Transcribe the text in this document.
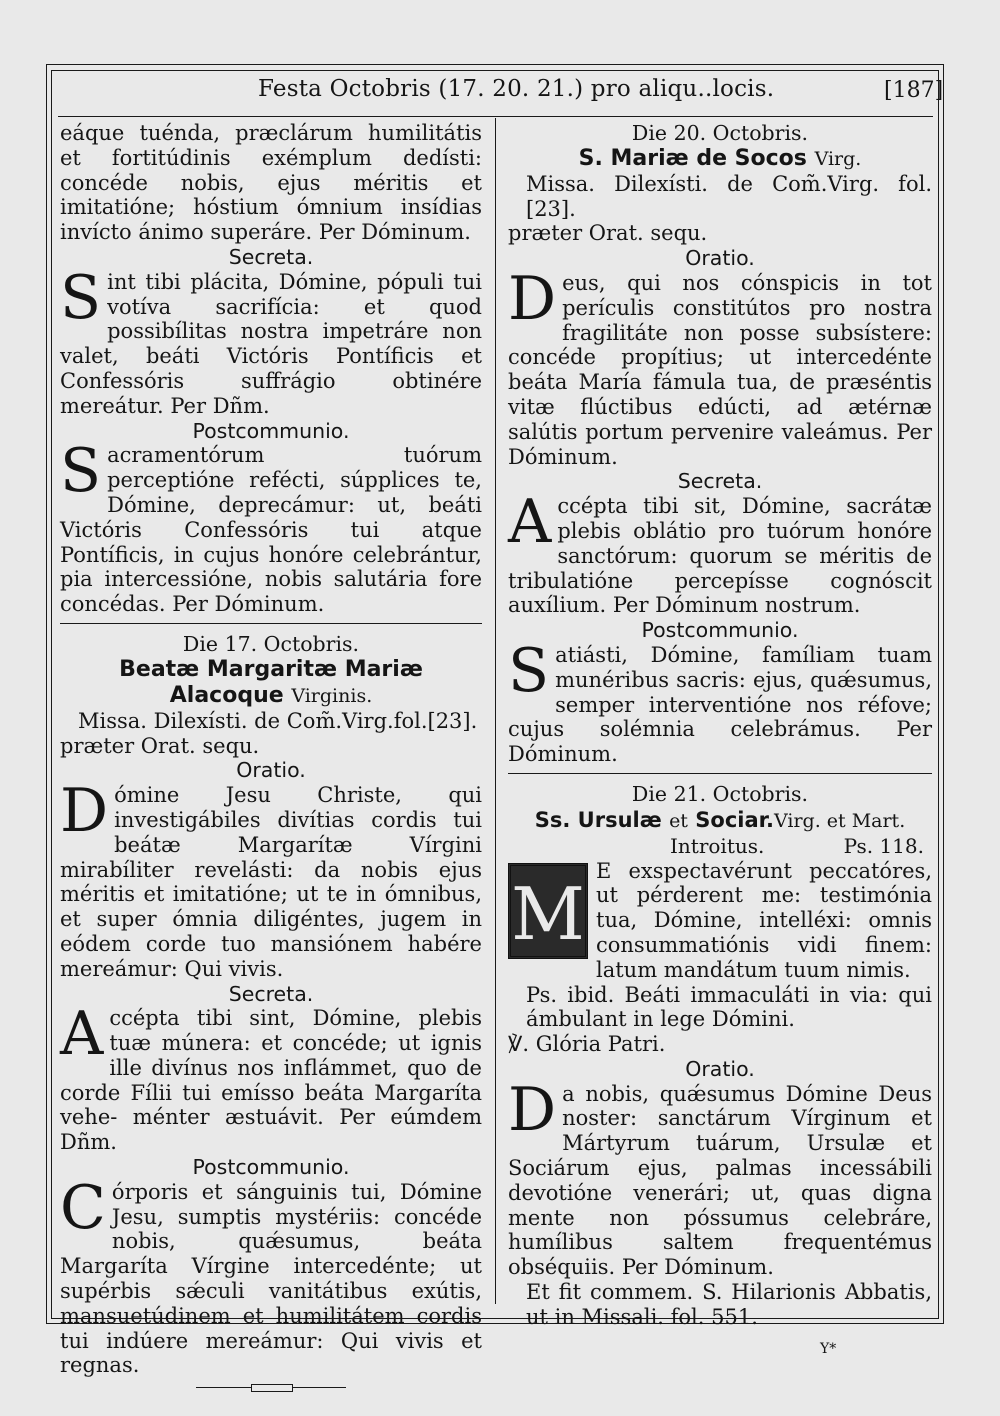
Festa Octobris (17. 20. 21.) pro aliqu..locis.	[187]

eáque tuénda, præclárum humilitátis et fortitúdinis exémplum dedísti: concéde nobis, ejus méritis et imitatióne; hóstium ómnium insídias invícto ánimo superáre. Per Dóminum.

Secreta.

Sint tibi plácita, Dómine, pópuli tui votíva sacrifícia: et quod possibílitas nostra impetráre non valet, beáti Victóris Pontíficis et Confessóris suffrágio obtinére mereátur. Per Dñm.

Postcommunio.

Sacramentórum tuórum perceptióne refécti, súpplices te, Dómine, deprecámur: ut, beáti Victóris Confessóris tui atque Pontíficis, in cujus honóre celebrántur, pia intercessióne, nobis salutária fore concédas. Per Dóminum.

Die 17. Octobris.

Beatæ Margaritæ Mariæ

Alacoque Virginis.

Missa. Dilexísti. de Com̃.Virg.fol.[23].

præter Orat. sequ.

Oratio.

Dómine Jesu Christe, qui investigábiles divítias cordis tui beátæ Margarítæ Vírgini mirabíliter revelásti: da nobis ejus méritis et imitatióne; ut te in ómnibus, et super ómnia diligéntes, jugem in eódem corde tuo mansiónem habére mereámur: Qui vivis.

Secreta.

Accépta tibi sint, Dómine, plebis tuæ múnera: et concéde; ut ignis ille divínus nos inflámmet, quo de corde Fílii tui emísso beáta Margaríta vehe- ménter æstuávit. Per eúmdem Dñm.

Postcommunio.

Córporis et sánguinis tui, Dómine Jesu, sumptis mystériis: concéde nobis, quǽsumus, beáta Margaríta Vírgine intercedénte; ut supérbis sǽculi vanitátibus exútis, mansuetúdinem et humilitátem cordis tui indúere mereámur: Qui vivis et regnas.

Die 20. Octobris.

S. Mariæ de Socos Virg.

Missa. Dilexísti. de Com̃.Virg. fol. [23].

præter Orat. sequ.

Oratio.

Deus, qui nos cónspicis in tot perículis constitútos pro nostra fragilitáte non posse subsístere: concéde propítius; ut intercedénte beáta María fámula tua, de præséntis vitæ flúctibus edúcti, ad ætérnæ salútis portum pervenire valeámus. Per Dóminum.

Secreta.

Accépta tibi sit, Dómine, sacrátæ plebis oblátio pro tuórum honóre sanctórum: quorum se méritis de tribulatióne percepísse cognóscit auxílium. Per Dóminum nostrum.

Postcommunio.

Satiásti, Dómine, famíliam tuam munéribus sacris: ejus, quǽsumus, semper interventióne nos réfove; cujus solémnia celebrámus. Per Dóminum.

Die 21. Octobris.

Ss. Ursulæ et Sociar.Virg. et Mart.

Introitus.	Ps. 118.

M
E exspectavérunt peccatóres, ut pérderent me: testimónia tua, Dómine, intelléxi: omnis consummatiónis vidi finem: latum mandátum tuum nimis.

Ps. ibid. Beáti immaculáti in via: qui ámbulant in lege Dómini.

℣. Glória Patri.

Oratio.

Da nobis, quǽsumus Dómine Deus noster: sanctárum Vírginum et Mártyrum tuárum, Ursulæ et Sociárum ejus, palmas incessábili devotióne venerári; ut, quas digna mente non póssumus celebráre, humílibus saltem frequentémus obséquiis. Per Dóminum.

Et fit commem. S. Hilarionis Abbatis, ut in Missali. fol. 551.

Y*
